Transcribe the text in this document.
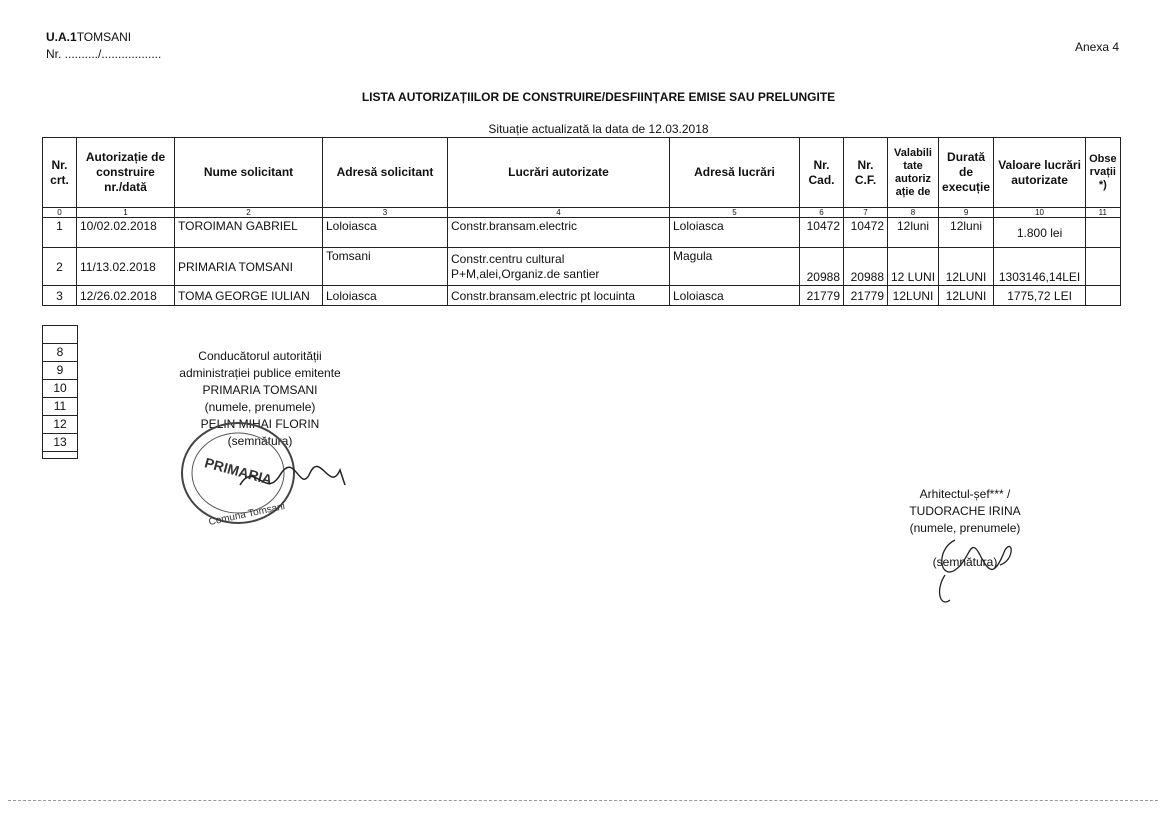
U.A.1TOMSANI
Nr. ........../..................	Anexa 4
LISTA AUTORIZAȚIILOR DE CONSTRUIRE/DESFIINȚARE EMISE SAU PRELUNGITE
Situație actualizată la data de 12.03.2018
Nr. crt.	Autorizație de construire nr./dată	Nume solicitant	Adresă solicitant	Lucrări autorizate	Adresă lucrări	Nr. Cad.	Nr. C.F.	Valabili tate autoriz ație de	Durată de execuție	Valoare lucrări autorizate	Obse rvații *)
0	1	2	3	4	5	6	7	8	9	10	11
1	10/02.02.2018	TOROIMAN GABRIEL	Loloiasca	Constr.bransam.electric	Loloiasca	10472	10472	12luni	12luni	1.800 lei	
2	11/13.02.2018	PRIMARIA TOMSANI	Tomsani	Constr.centru cultural P+M,alei,Organiz.de santier	Magula	20988	20988	12 LUNI	12LUNI	1303146,14LEI	
3	12/26.02.2018	TOMA GEORGE IULIAN	Loloiasca	Constr.bransam.electric pt locuinta	Loloiasca	21779	21779	12LUNI	12LUNI	1775,72 LEI	
8
9
10
11
12
13
Conducătorul autorității
administrației publice emitente
PRIMARIA TOMSANI
(numele, prenumele)
PELIN MIHAI FLORIN
(semnătura)
PRIMARIA
Comuna Tomsani
Arhitectul-șef*** /
TUDORACHE IRINA
(numele, prenumele)
(semnătura)
